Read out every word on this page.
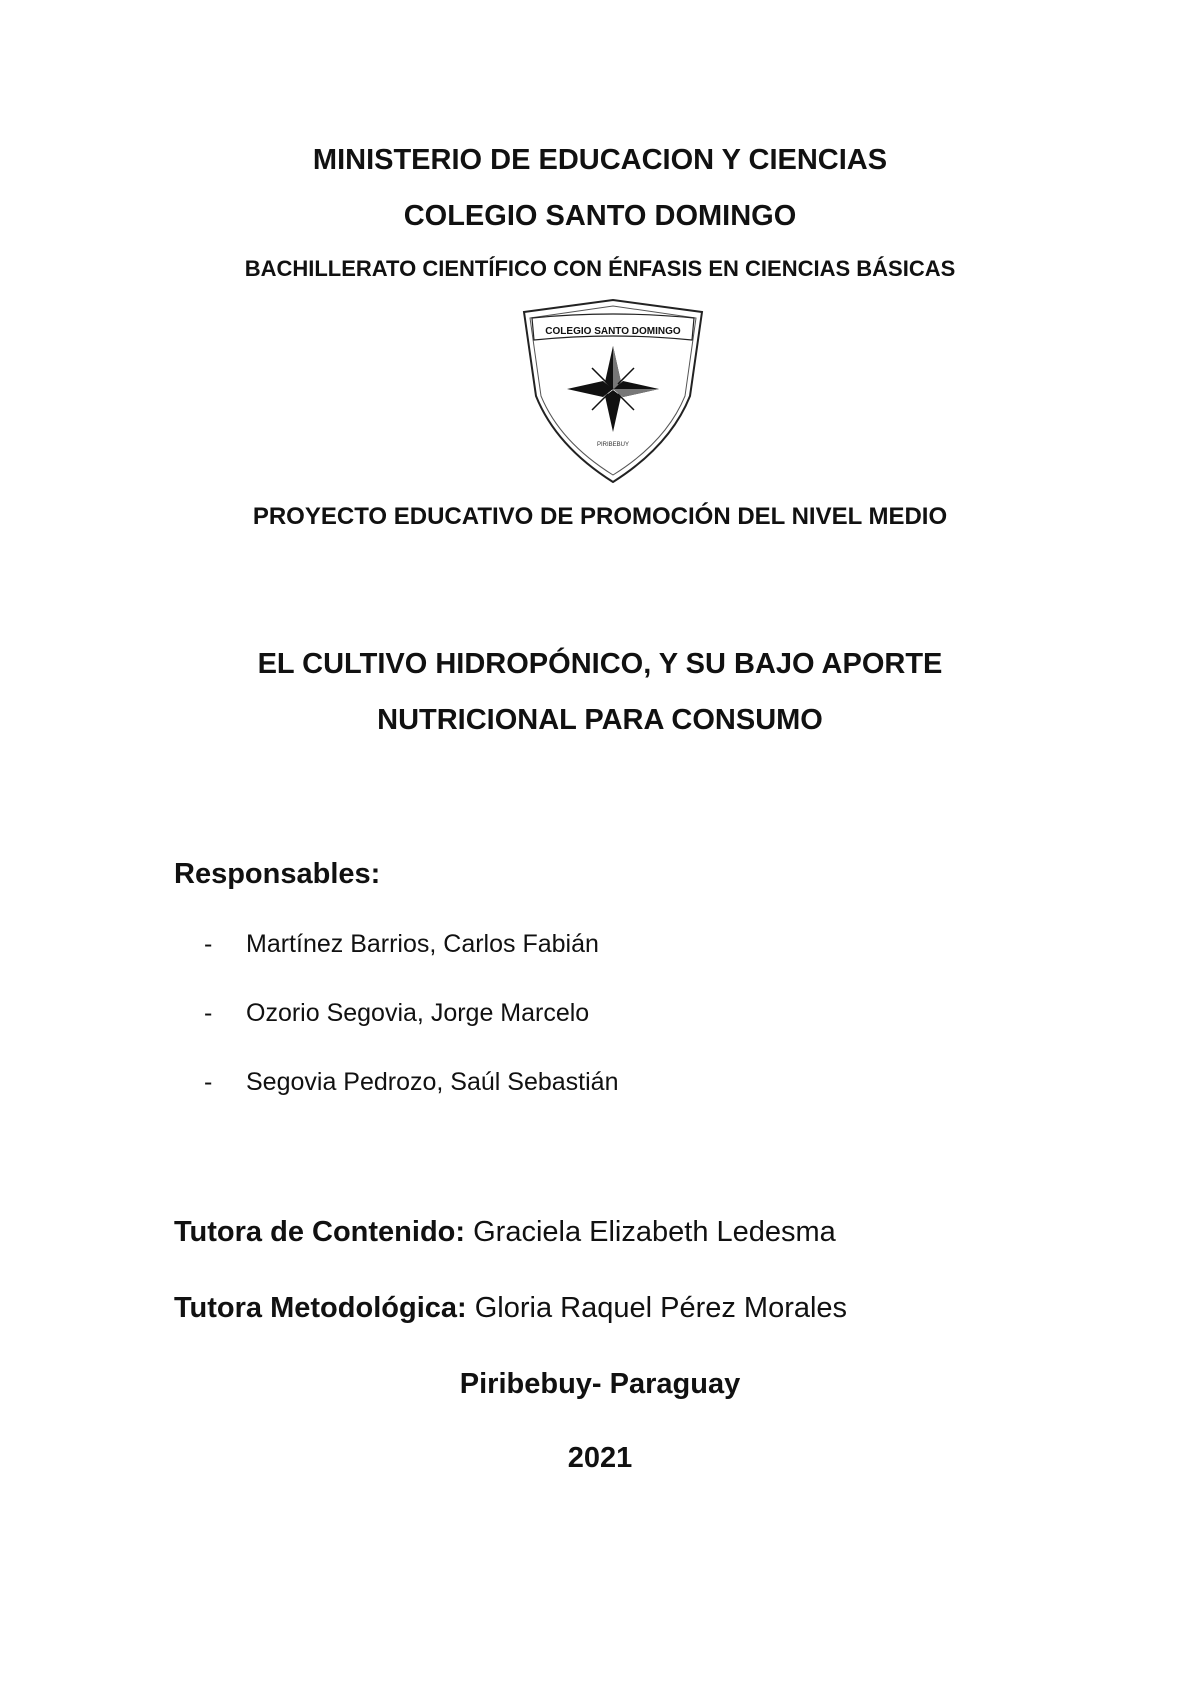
MINISTERIO DE EDUCACION Y CIENCIAS
COLEGIO SANTO DOMINGO
BACHILLERATO CIENTÍFICO CON ÉNFASIS EN CIENCIAS BÁSICAS
COLEGIO SANTO DOMINGO
PIRIBEBUY
PROYECTO EDUCATIVO DE PROMOCIÓN DEL NIVEL MEDIO
EL CULTIVO HIDROPÓNICO, Y SU BAJO APORTE
NUTRICIONAL PARA CONSUMO
Responsables:
- Martínez Barrios, Carlos Fabián
- Ozorio Segovia, Jorge Marcelo
- Segovia Pedrozo, Saúl Sebastián
Tutora de Contenido: Graciela Elizabeth Ledesma
Tutora Metodológica: Gloria Raquel Pérez Morales
Piribebuy- Paraguay
2021
